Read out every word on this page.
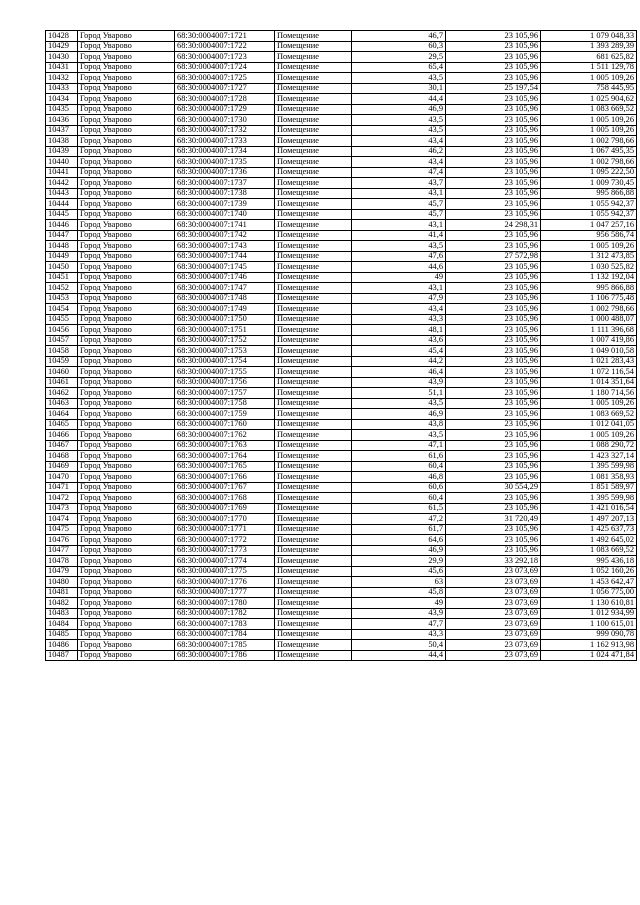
10428	Город Уварово	68:30:0004007:1721	Помещение	46,7	23 105,96	1 079 048,33
10429	Город Уварово	68:30:0004007:1722	Помещение	60,3	23 105,96	1 393 289,39
10430	Город Уварово	68:30:0004007:1723	Помещение	29,5	23 105,96	681 625,82
10431	Город Уварово	68:30:0004007:1724	Помещение	65,4	23 105,96	1 511 129,78
10432	Город Уварово	68:30:0004007:1725	Помещение	43,5	23 105,96	1 005 109,26
10433	Город Уварово	68:30:0004007:1727	Помещение	30,1	25 197,54	758 445,95
10434	Город Уварово	68:30:0004007:1728	Помещение	44,4	23 105,96	1 025 904,62
10435	Город Уварово	68:30:0004007:1729	Помещение	46,9	23 105,96	1 083 669,52
10436	Город Уварово	68:30:0004007:1730	Помещение	43,5	23 105,96	1 005 109,26
10437	Город Уварово	68:30:0004007:1732	Помещение	43,5	23 105,96	1 005 109,26
10438	Город Уварово	68:30:0004007:1733	Помещение	43,4	23 105,96	1 002 798,66
10439	Город Уварово	68:30:0004007:1734	Помещение	46,2	23 105,96	1 067 495,35
10440	Город Уварово	68:30:0004007:1735	Помещение	43,4	23 105,96	1 002 798,66
10441	Город Уварово	68:30:0004007:1736	Помещение	47,4	23 105,96	1 095 222,50
10442	Город Уварово	68:30:0004007:1737	Помещение	43,7	23 105,96	1 009 730,45
10443	Город Уварово	68:30:0004007:1738	Помещение	43,1	23 105,96	995 866,88
10444	Город Уварово	68:30:0004007:1739	Помещение	45,7	23 105,96	1 055 942,37
10445	Город Уварово	68:30:0004007:1740	Помещение	45,7	23 105,96	1 055 942,37
10446	Город Уварово	68:30:0004007:1741	Помещение	43,1	24 298,31	1 047 257,16
10447	Город Уварово	68:30:0004007:1742	Помещение	41,4	23 105,96	956 586,74
10448	Город Уварово	68:30:0004007:1743	Помещение	43,5	23 105,96	1 005 109,26
10449	Город Уварово	68:30:0004007:1744	Помещение	47,6	27 572,98	1 312 473,85
10450	Город Уварово	68:30:0004007:1745	Помещение	44,6	23 105,96	1 030 525,82
10451	Город Уварово	68:30:0004007:1746	Помещение	49	23 105,96	1 132 192,04
10452	Город Уварово	68:30:0004007:1747	Помещение	43,1	23 105,96	995 866,88
10453	Город Уварово	68:30:0004007:1748	Помещение	47,9	23 105,96	1 106 775,48
10454	Город Уварово	68:30:0004007:1749	Помещение	43,4	23 105,96	1 002 798,66
10455	Город Уварово	68:30:0004007:1750	Помещение	43,3	23 105,96	1 000 488,07
10456	Город Уварово	68:30:0004007:1751	Помещение	48,1	23 105,96	1 111 396,68
10457	Город Уварово	68:30:0004007:1752	Помещение	43,6	23 105,96	1 007 419,86
10458	Город Уварово	68:30:0004007:1753	Помещение	45,4	23 105,96	1 049 010,58
10459	Город Уварово	68:30:0004007:1754	Помещение	44,2	23 105,96	1 021 283,43
10460	Город Уварово	68:30:0004007:1755	Помещение	46,4	23 105,96	1 072 116,54
10461	Город Уварово	68:30:0004007:1756	Помещение	43,9	23 105,96	1 014 351,64
10462	Город Уварово	68:30:0004007:1757	Помещение	51,1	23 105,96	1 180 714,56
10463	Город Уварово	68:30:0004007:1758	Помещение	43,5	23 105,96	1 005 109,26
10464	Город Уварово	68:30:0004007:1759	Помещение	46,9	23 105,96	1 083 669,52
10465	Город Уварово	68:30:0004007:1760	Помещение	43,8	23 105,96	1 012 041,05
10466	Город Уварово	68:30:0004007:1762	Помещение	43,5	23 105,96	1 005 109,26
10467	Город Уварово	68:30:0004007:1763	Помещение	47,1	23 105,96	1 088 290,72
10468	Город Уварово	68:30:0004007:1764	Помещение	61,6	23 105,96	1 423 327,14
10469	Город Уварово	68:30:0004007:1765	Помещение	60,4	23 105,96	1 395 599,98
10470	Город Уварово	68:30:0004007:1766	Помещение	46,8	23 105,96	1 081 358,93
10471	Город Уварово	68:30:0004007:1767	Помещение	60,6	30 554,29	1 851 589,97
10472	Город Уварово	68:30:0004007:1768	Помещение	60,4	23 105,96	1 395 599,98
10473	Город Уварово	68:30:0004007:1769	Помещение	61,5	23 105,96	1 421 016,54
10474	Город Уварово	68:30:0004007:1770	Помещение	47,2	31 720,49	1 497 207,13
10475	Город Уварово	68:30:0004007:1771	Помещение	61,7	23 105,96	1 425 637,73
10476	Город Уварово	68:30:0004007:1772	Помещение	64,6	23 105,96	1 492 645,02
10477	Город Уварово	68:30:0004007:1773	Помещение	46,9	23 105,96	1 083 669,52
10478	Город Уварово	68:30:0004007:1774	Помещение	29,9	33 292,18	995 436,18
10479	Город Уварово	68:30:0004007:1775	Помещение	45,6	23 073,69	1 052 160,26
10480	Город Уварово	68:30:0004007:1776	Помещение	63	23 073,69	1 453 642,47
10481	Город Уварово	68:30:0004007:1777	Помещение	45,8	23 073,69	1 056 775,00
10482	Город Уварово	68:30:0004007:1780	Помещение	49	23 073,69	1 130 610,81
10483	Город Уварово	68:30:0004007:1782	Помещение	43,9	23 073,69	1 012 934,99
10484	Город Уварово	68:30:0004007:1783	Помещение	47,7	23 073,69	1 100 615,01
10485	Город Уварово	68:30:0004007:1784	Помещение	43,3	23 073,69	999 090,78
10486	Город Уварово	68:30:0004007:1785	Помещение	50,4	23 073,69	1 162 913,98
10487	Город Уварово	68:30:0004007:1786	Помещение	44,4	23 073,69	1 024 471,84
